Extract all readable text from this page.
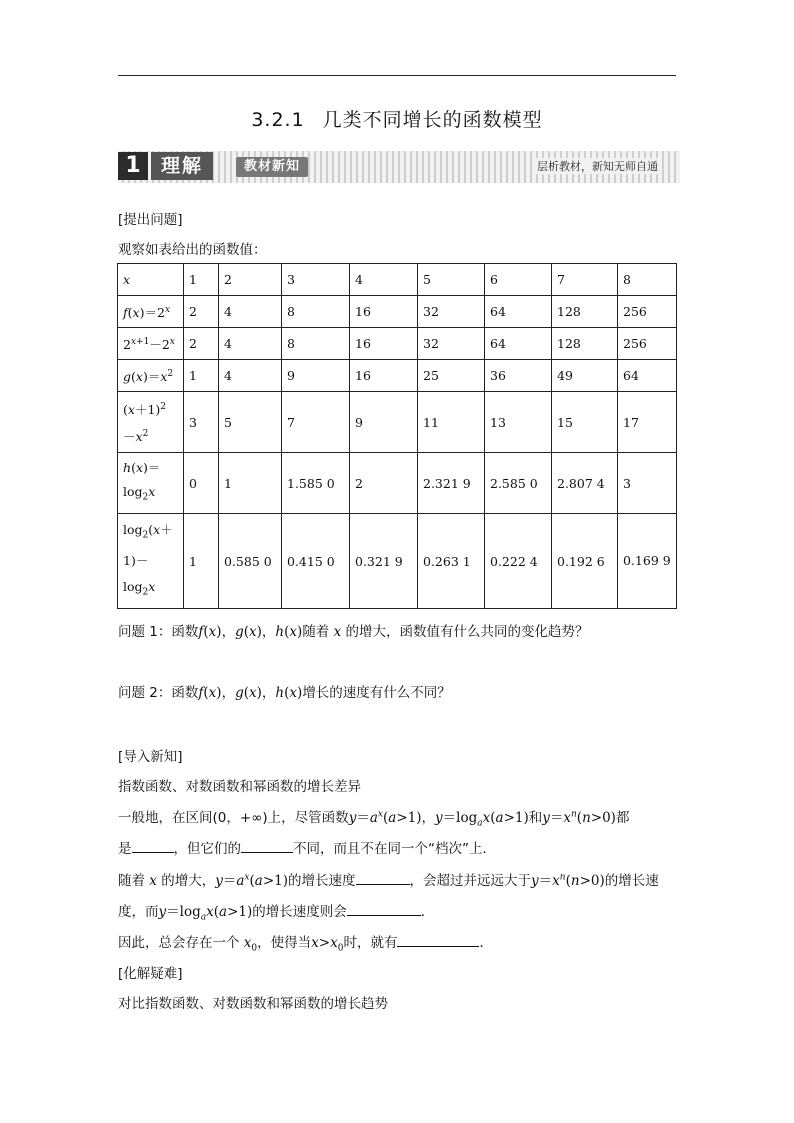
3.2.1 几类不同增长的函数模型
1	理解	教材新知	层析教材，新知无师自通
[提出问题]
观察如表给出的函数值：
x	1	2	3	4	5	6	7	8
$f(x)=2^x$	2	4	8	16	32	64	128	256
$2^{x+1}-2^x$	2	4	8	16	32	64	128	256
$g(x)=x^2$	1	4	9	16	25	36	49	64
$(x+1)^2$
$-x^2$	3	5	7	9	11	13	15	17
h(x)＝
$\log_2x$	0	1	1.585 0	2	2.321 9	2.585 0	2.807 4	3
$\log_2(x+$
1)－
$\log_2x$	1	0.585 0	0.415 0	0.321 9	0.263 1	0.222 4	0.192 6	0.169 9
问题 1：函数f(x)，g(x)，h(x)随着 x 的增大，函数值有什么共同的变化趋势？
问题 2：函数f(x)，g(x)，h(x)增长的速度有什么不同？
[导入新知]
指数函数、对数函数和幂函数的增长差异
一般地，在区间(0，+∞)上，尽管函数$y=a^x(a>1)$，$y=\log_ax(a>1)$和$y=x^n(n>0)$都
是	，但它们的	不同，而且不在同一个“档次”上．
随着 x 的增大，$y=a^x(a>1)$的增长速度	，会超过并远远大于$y=x^n(n>0)$的增长速
度，而$y=\log_ax(a>1)$的增长速度则会	．
因此，总会存在一个 $x_0$，使得当$x>x_0$时，就有	．
[化解疑难]
对比指数函数、对数函数和幂函数的增长趋势
